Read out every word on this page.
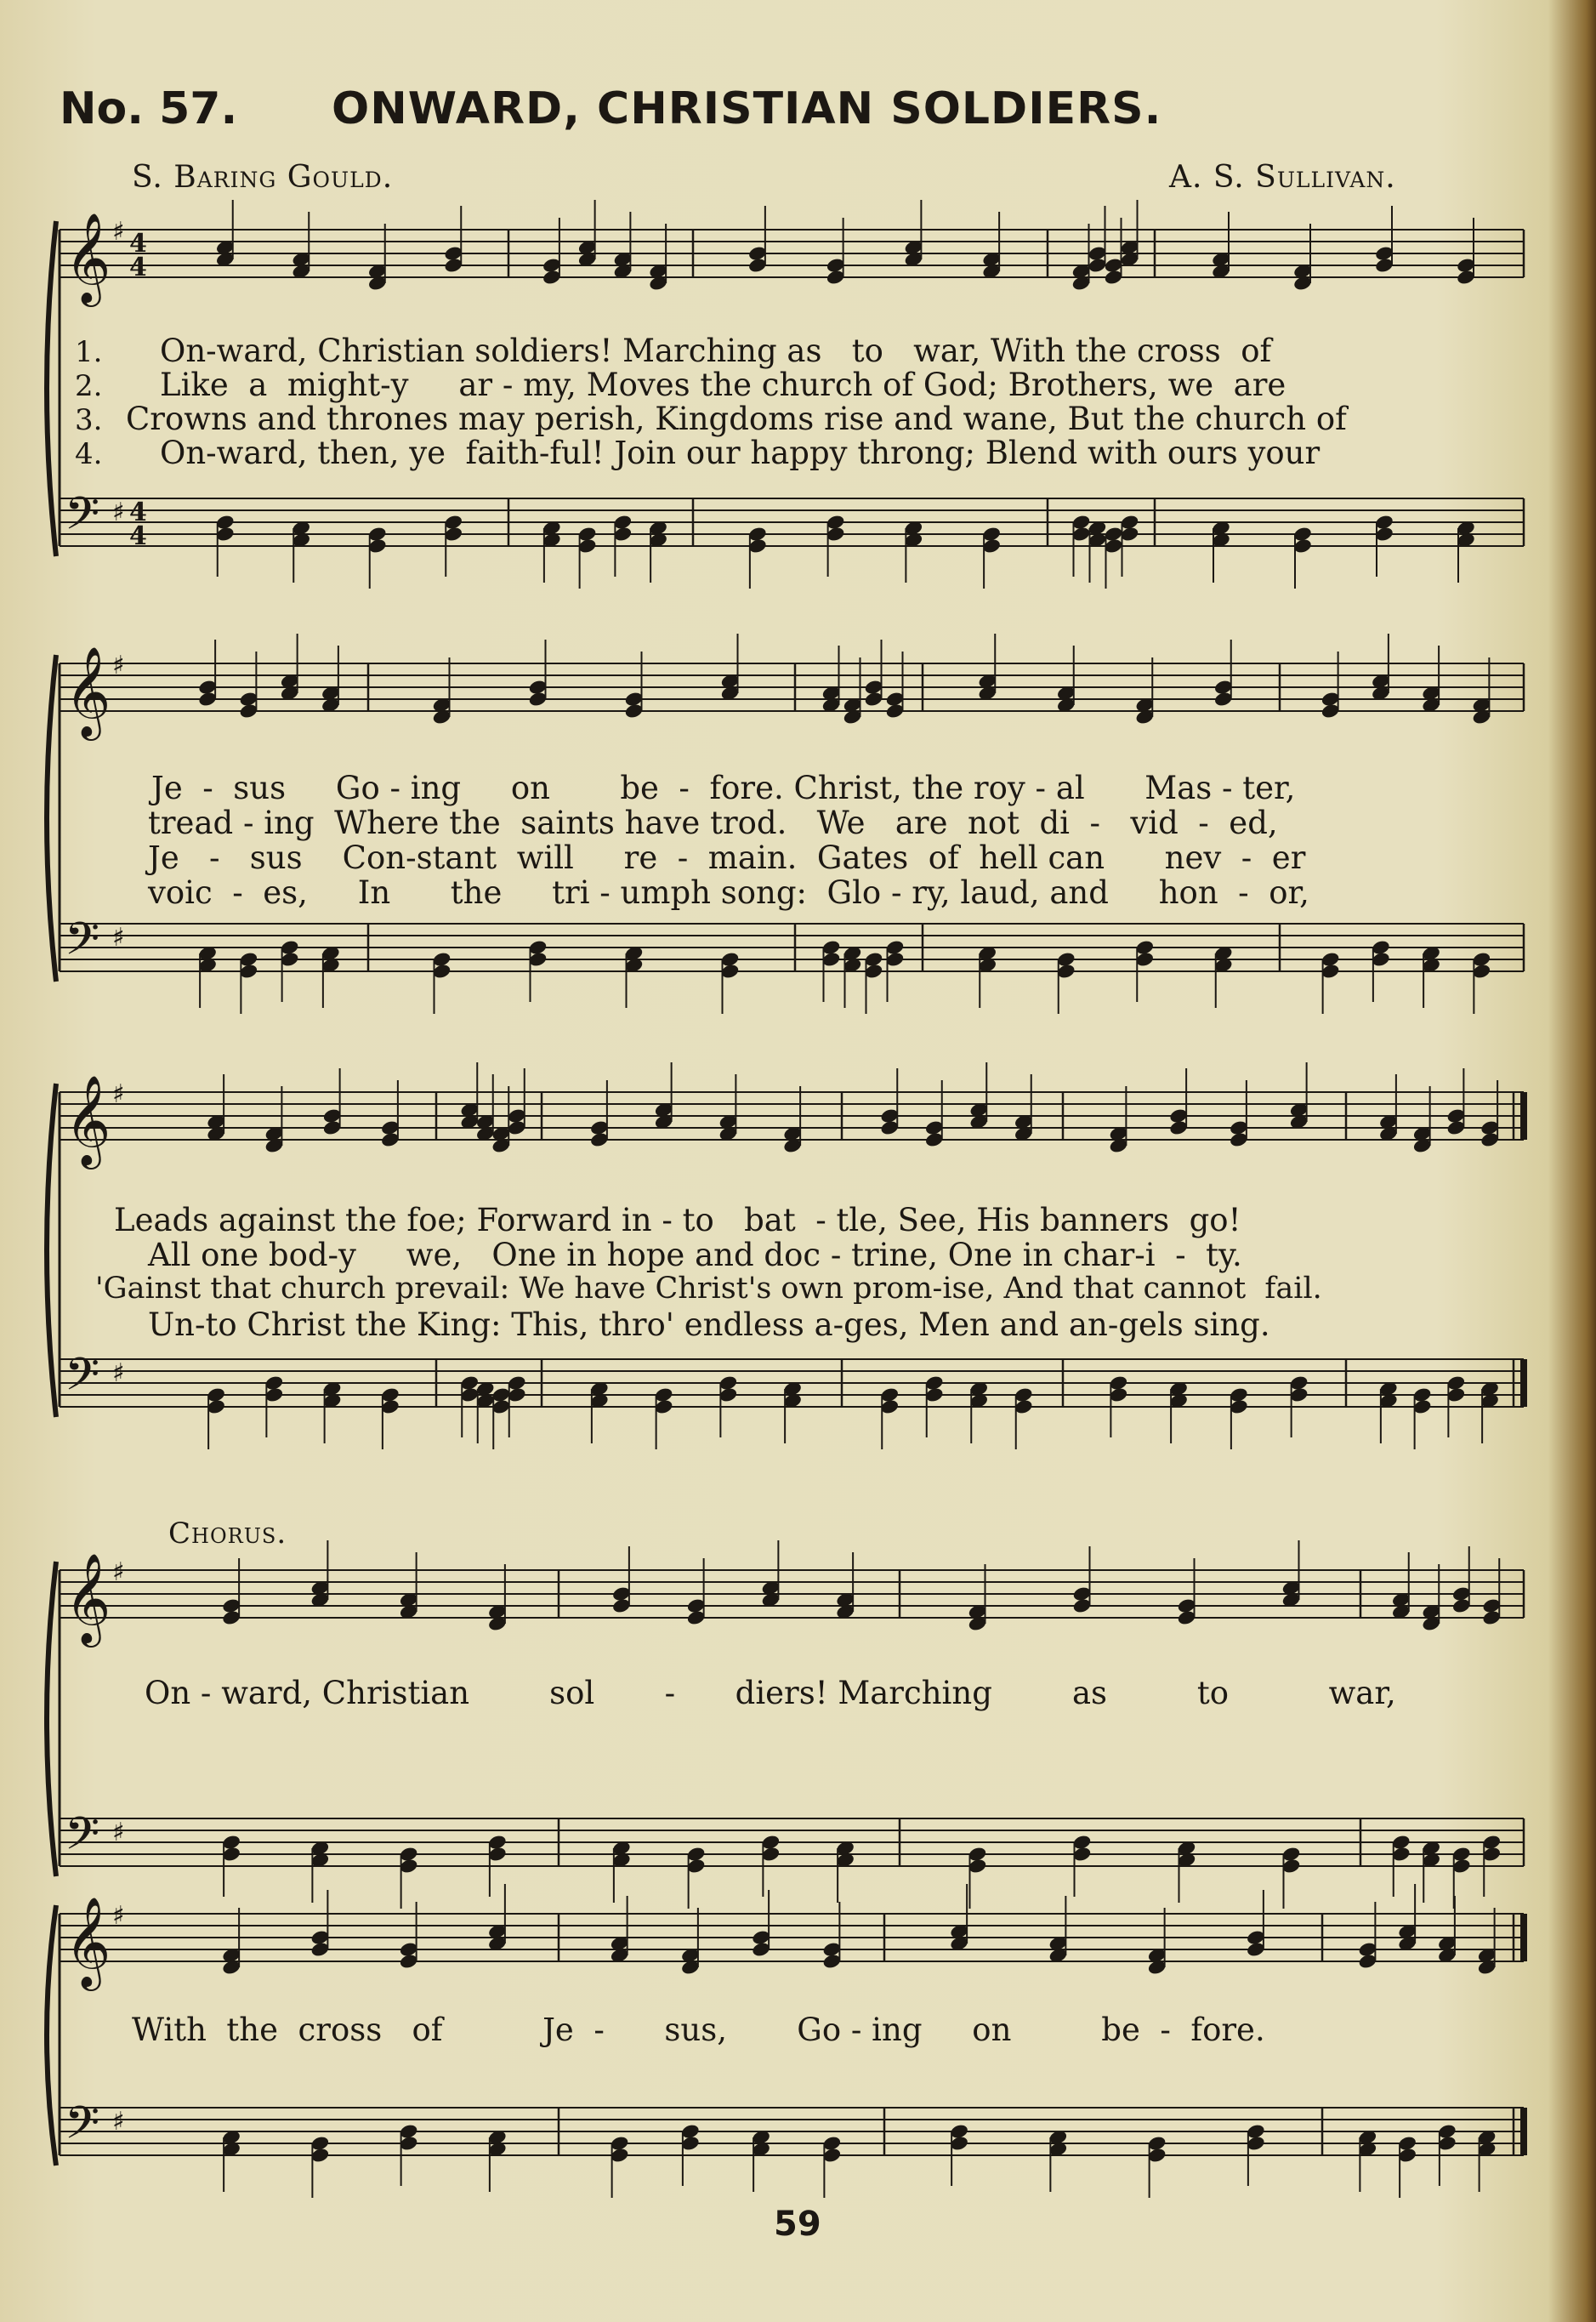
No. 57. ONWARD, CHRISTIAN SOLDIERS.
S. Baring Gould.	A. S. Sullivan.
𝄞 ♯ 4
4
𝄢 ♯ 4
4
𝄞 ♯
𝄢 ♯
𝄞 ♯
𝄢 ♯
𝄞 ♯
𝄢 ♯
𝄞 ♯
𝄢 ♯
1.
2.
3.
4.
On-ward, Christian soldiers! Marching as   to   war, With the cross  of
Like  a  might-y     ar - my, Moves the church of God; Brothers, we  are
Crowns and thrones may perish, Kingdoms rise and wane, But the church of
On-ward, then, ye  faith-ful! Join our happy throng; Blend with ours your
Je  -  sus     Go - ing     on       be  -  fore. Christ, the roy - al      Mas - ter,
tread - ing  Where the  saints have trod.   We   are  not  di  -   vid  -  ed,
Je   -   sus    Con-stant  will     re  -  main.  Gates  of  hell can      nev  -  er
voic  -  es,     In      the     tri - umph song:  Glo - ry, laud, and     hon  -  or,
Leads against the foe; Forward in - to   bat  - tle, See, His banners  go!
All one bod-y     we,   One in hope and doc - trine, One in char-i  -  ty.
'Gainst that church prevail: We have Christ's own prom-ise, And that cannot  fail.
Un-to Christ the King: This, thro' endless a-ges, Men and an-gels sing.
Chorus.
On - ward, Christian        sol       -      diers! Marching        as         to          war,
With  the  cross   of          Je  -      sus,       Go - ing     on         be  -  fore.
59
